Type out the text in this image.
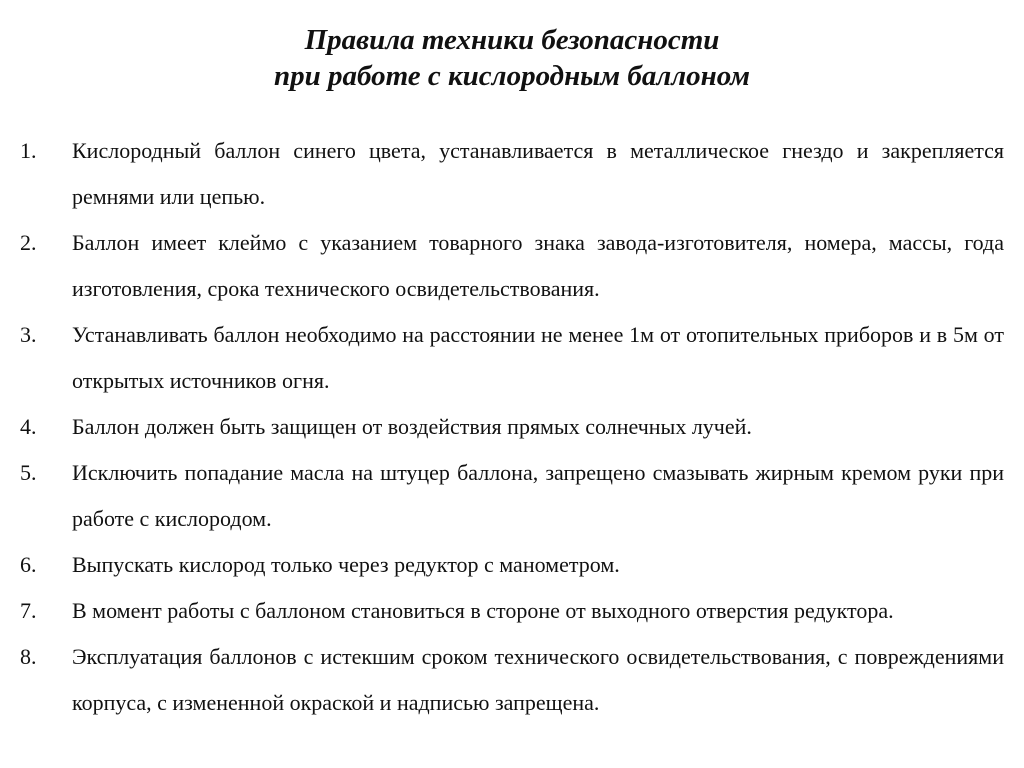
Правила техники безопасности
при работе с кислородным баллоном
1.	Кислородный баллон синего цвета, устанавливается в металлическое гнездо и закрепляется ремнями или цепью.
2.	Баллон имеет клеймо с указанием товарного знака завода-изготовителя, номера, массы, года изготовления, срока технического освидетельствования.
3.	Устанавливать баллон необходимо на расстоянии не менее 1м от отопительных приборов и в 5м от открытых источников огня.
4.	Баллон должен быть защищен от воздействия прямых солнечных лучей.
5.	Исключить попадание масла на штуцер баллона, запрещено смазывать жирным кремом руки при работе с кислородом.
6.	Выпускать кислород только через редуктор с манометром.
7.	В момент работы с баллоном становиться в стороне от выходного отверстия редуктора.
8.	Эксплуатация баллонов с истекшим сроком технического освидетельствования, с повреждениями корпуса, с измененной окраской и надписью запрещена.
